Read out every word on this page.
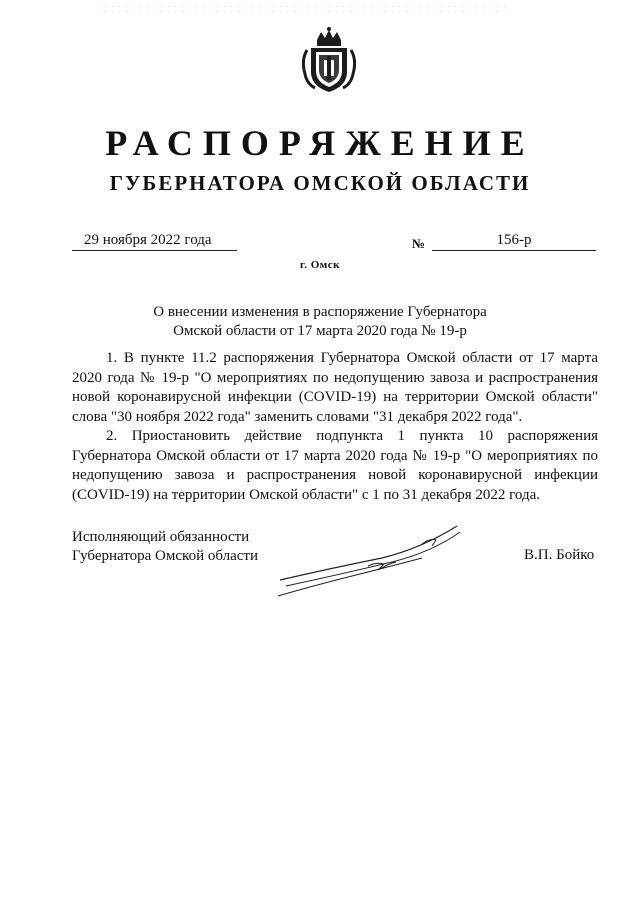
РАСПОРЯЖЕНИЕ
ГУБЕРНАТОРА ОМСКОЙ ОБЛАСТИ
29 ноября 2022 года	№	156-р
г. Омск
О внесении изменения в распоряжение Губернатора
Омской области от 17 марта 2020 года № 19-р

1. В пункте 11.2 распоряжения Губернатора Омской области от 17 марта 2020 года № 19-р "О мероприятиях по недопущению завоза и распространения новой коронавирусной инфекции (COVID-19) на территории Омской области" слова "30 ноября 2022 года" заменить словами "31 декабря 2022 года".

2. Приостановить действие подпункта 1 пункта 10 распоряжения Губернатора Омской области от 17 марта 2020 года № 19-р "О мероприятиях по недопущению завоза и распространения новой коронавирусной инфекции (COVID-19) на территории Омской области" с 1 по 31 декабря 2022 года.

Исполняющий обязанности
Губернатора Омской области	В.П. Бойко
